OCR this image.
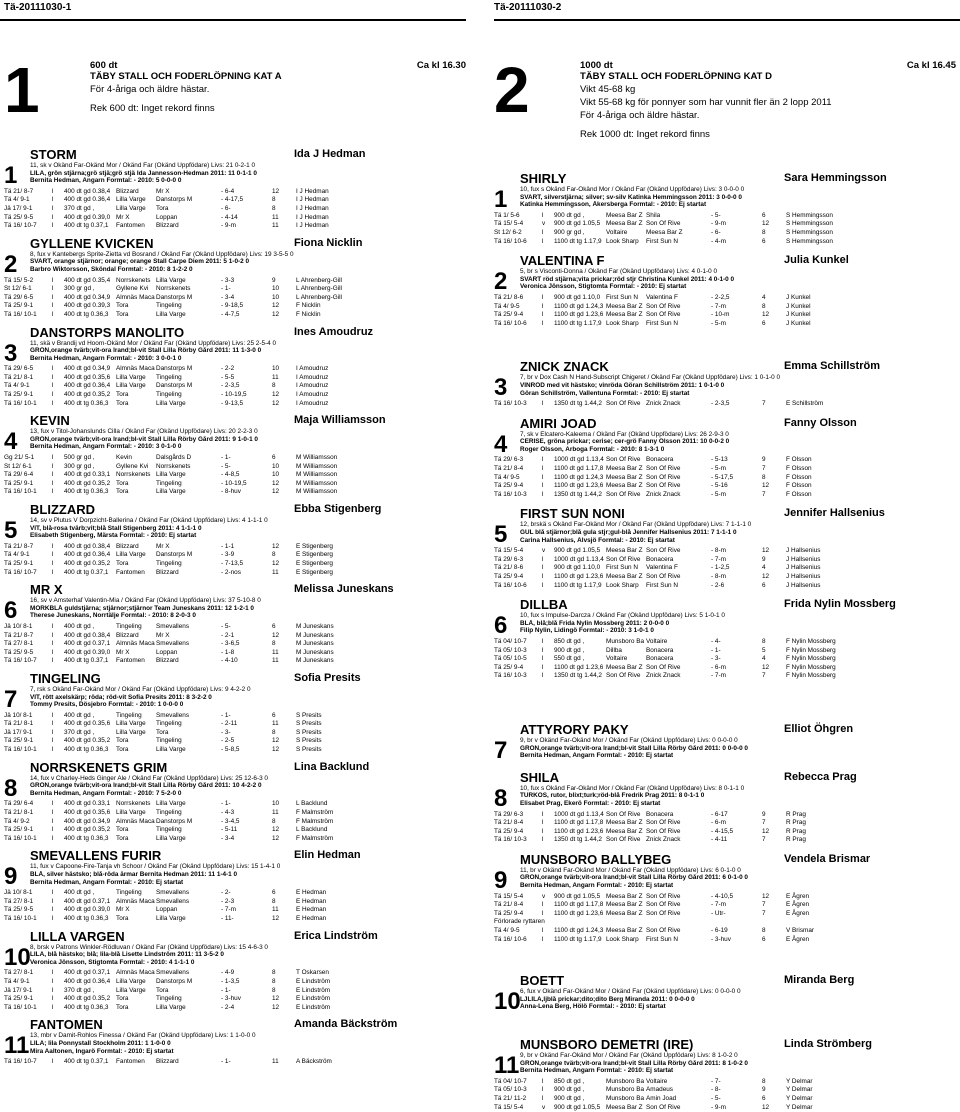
Tä-20111030-1	Tä-20111030-2
1	600 dt
TÄBY STALL OCH FODERLÖPNING KAT A
För 4-åriga och äldre hästar.
Rek 600 dt: Inget rekord finns
Ca kl 16.30
1
STORM	Ida J Hedman
11, sk v Okänd Far-Okänd Mor / Okänd Far (Okänd Uppfödare) Livs: 21 0-2-1 0
LILA, grön stjärna;grö stjä;grö stjä Ida Jannesson-Hedman 2011: 11 0-1-1 0
Bernita Hedman, Angarn Formtal: - 2010: 5 0-0-0 0
Tä 21/ 8-7	l 400 dt gd 0.38,4 Blizzard	Mr X	- 6-4	12	I J Hedman
Tä 4/ 9-1	l 400 dt gd 0.36,4 Lilla Varge Danstorps M	- 4-17,5	8	I J Hedman
Jä 17/ 9-1	l 370 dt gd ,	Lilla Varge Tora	- 6-	8	I J Hedman
Tä 25/ 9-5	l 400 dt gd 0.39,0 Mr X	Loppan	- 4-14	11	I J Hedman
Tä 16/ 10-7 l 400 dt tg 0.37,1 Fantomen Blizzard	- 9-m	11	I J Hedman
2
GYLLENE KVICKEN	Fiona Nicklin
8, fux v Kantebergs Sprite-Zietta vd Bosrand / Okänd Far (Okänd Uppfödare) Livs: 19 3-5-5 0
SVART, orange stjärnor; orange; orange Stall Carpe Diem 2011: 5 1-0-2 0
Barbro Wiktorsson, Sköndal Formtal: - 2010: 8 1-2-2 0
Tä 15/ 5-2	l 400 dt gd 0.35,4 Norrskenets Lilla Varge	- 3-3	9	L Ahrenberg-Gill
St 12/ 6-1	l 300 gr gd ,	Gyllene Kvi Norrskenets	- 1-	10	L Ahrenberg-Gill
Tä 29/ 6-5	l 400 dt gd 0.34,9 Almnäs Maca Danstorps M	- 3-4	10	L Ahrenberg-Gill
Tä 25/ 9-1	l 400 dt gd 0.39,3 Tora	Tingeling	- 9-18,5	12	F Nicklin
Tä 16/ 10-1 l 400 dt tg 0.36,3 Tora	Lilla Varge	- 4-7,5	12	F Nicklin
3
DANSTORPS MANOLITO	Ines Amoudruz
11, skä v Brandij vd Hoorn-Okänd Mor / Okänd Far (Okänd Uppfödare) Livs: 25 2-5-4 0
GRÖN,orange tvärb;vit-ora lrand;bl-vit Stall Lilla Rörby Gård 2011: 11 1-3-0 0
Bernita Hedman, Angarn Formtal: - 2010: 3 0-0-1 0
Tä 29/ 6-5	l 400 dt gd 0.34,9 Almnäs Maca Danstorps M	- 2-2	10	I Amoudruz
Tä 21/ 8-1	l 400 dt gd 0.35,6 Lilla Varge Tingeling	- 5-5	11	I Amoudruz
Tä 4/ 9-1	l 400 dt gd 0.36,4 Lilla Varge Danstorps M	- 2-3,5	8	I Amoudruz
Tä 25/ 9-1	l 400 dt gd 0.35,2 Tora	Tingeling	- 10-19,5	12	I Amoudruz
Tä 16/ 10-1 l 400 dt tg 0.36,3 Tora	Lilla Varge	- 9-13,5	12	I Amoudruz
4
KEVIN	Maja Williamsson
13, fux v Titol-Johanslunds Cilla / Okänd Far (Okänd Uppfödare) Livs: 20 2-2-3 0
GRÖN,orange tvärb;vit-ora lrand;bl-vit Stall Lilla Rörby Gård 2011: 9 1-0-1 0
Bernita Hedman, Angarn Formtal: - 2010: 3 0-1-0 0
Gg 21/ 5-1	l 500 gr gd ,	Kevin	Dalsgårds D	- 1-	6	M Williamsson
St 12/ 6-1	l 300 gr gd ,	Gyllene Kvi Norrskenets	- 5-	10	M Williamsson
Tä 29/ 6-4	l 400 dt gd 0.33,1 Norrskenets Lilla Varge	- 4-8,5	10	M Williamsson
Tä 25/ 9-1	l 400 dt gd 0.35,2 Tora	Tingeling	- 10-19,5	12	M Williamsson
Tä 16/ 10-1 l 400 dt tg 0.36,3 Tora	Lilla Varge	- 8-huv	12	M Williamsson
5
BLIZZARD	Ebba Stigenberg
14, sv v Plutus V Dorpzicht-Ballerina / Okänd Far (Okänd Uppfödare) Livs: 4 1-1-1 0
VIT, blå-rosa tvärb;vit;blå Stall Stigenberg 2011: 4 1-1-1 0
Elisabeth Stigenberg, Märsta Formtal: - 2010: Ej startat
Tä 21/ 8-7	l 400 dt gd 0.38,4 Blizzard	Mr X	- 1-1	12	E Stigenberg
Tä 4/ 9-1	l 400 dt gd 0.36,4 Lilla Varge Danstorps M	- 3-9	8	E Stigenberg
Tä 25/ 9-1	l 400 dt gd 0.35,2 Tora	Tingeling	- 7-13,5	12	E Stigenberg
Tä 16/ 10-7 l 400 dt tg 0.37,1 Fantomen Blizzard	- 2-nos	11	E Stigenberg
6
MR X	Melissa Juneskans
16, sv v Amsterhaf Valentin-Mia / Okänd Far (Okänd Uppfödare) Livs: 37 5-10-8 0
MÖRKBLÅ guldstjärna; stjärnor;stjärnor Team Juneskans 2011: 12 1-2-1 0
Therese Juneskans, Norrtälje Formtal: - 2010: 8 2-0-3 0
Jä 10/ 8-1	l 400 dt gd ,	Tingeling Smevallens	- 5-	6	M Juneskans
Tä 21/ 8-7	l 400 dt gd 0.38,4 Blizzard	Mr X	- 2-1	12	M Juneskans
Tä 27/ 8-1	l 400 dt gd 0.37,1 Almnäs Maca Smevallens	- 3-6,5	8	M Juneskans
Tä 25/ 9-5	l 400 dt gd 0.39,0 Mr X	Loppan	- 1-8	11	M Juneskans
Tä 16/ 10-7 l 400 dt tg 0.37,1 Fantomen Blizzard	- 4-10	11	M Juneskans
7
TINGELING	Sofia Presits
7, rsk s Okänd Far-Okänd Mor / Okänd Far (Okänd Uppfödare) Livs: 9 4-2-2 0
VIT, rött axelskärp; röda; röd-vit Sofia Presits 2011: 8 3-2-2 0
Tommy Presits, Dösjebro Formtal: - 2010: 1 0-0-0 0
Jä 10/ 8-1	l 400 dt gd ,	Tingeling Smevallens	- 1-	6	S Presits
Tä 21/ 8-1	l 400 dt gd 0.35,6 Lilla Varge Tingeling	- 2-11	11	S Presits
Jä 17/ 9-1	l 370 dt gd ,	Lilla Varge Tora	- 3-	8	S Presits
Tä 25/ 9-1	l 400 dt gd 0.35,2 Tora	Tingeling	- 2-5	12	S Presits
Tä 16/ 10-1 l 400 dt tg 0.36,3 Tora	Lilla Varge	- 5-8,5	12	S Presits
8
NORRSKENETS GRIM	Lina Backlund
14, fux v Charley-Heds Ginger Ale / Okänd Far (Okänd Uppfödare) Livs: 25 12-6-3 0
GRÖN,orange tvärb;vit-ora lrand;bl-vit Stall Lilla Rörby Gård 2011: 10 4-2-2 0
Bernita Hedman, Angarn Formtal: - 2010: 7 5-2-0 0
Tä 29/ 6-4	l 400 dt gd 0.33,1 Norrskenets Lilla Varge	- 1-	10	L Backlund
Tä 21/ 8-1	l 400 dt gd 0.35,6 Lilla Varge Tingeling	- 4-3	11	F Malmström
Tä 4/ 9-2	l 400 dt gd 0.34,9 Almnäs Maca Danstorps M	- 3-4,5	8	F Malmström
Tä 25/ 9-1	l 400 dt gd 0.35,2 Tora	Tingeling	- 5-11	12	L Backlund
Tä 16/ 10-1 l 400 dt tg 0.36,3 Tora	Lilla Varge	- 3-4	12	F Malmström
9
SMEVALLENS FURIR	Elin Hedman
11, fux v Capoone-Fire-Tanja vh Schoor / Okänd Far (Okänd Uppfödare) Livs: 15 1-4-1 0
BLÅ, silver hästsko; blå-röda ärmar Bernita Hedman 2011: 11 1-4-1 0
Bernita Hedman, Angarn Formtal: - 2010: Ej startat
Jä 10/ 8-1	l 400 dt gd ,	Tingeling Smevallens	- 2-	6	E Hedman
Tä 27/ 8-1	l 400 dt gd 0.37,1 Almnäs Maca Smevallens	- 2-3	8	E Hedman
Tä 25/ 9-5	l 400 dt gd 0.39,0 Mr X	Loppan	- 7-m	11	E Hedman
Tä 16/ 10-1 l 400 dt tg 0.36,3 Tora	Lilla Varge	- 11-	12	E Hedman
10
LILLA VARGEN	Erica Lindström
8, brsk v Patrons Winkler-Rödluvan / Okänd Far (Okänd Uppfödare) Livs: 15 4-6-3 0
LILA, blå hästsko; blå; lila-blå Lisette Lindström 2011: 11 3-5-2 0
Veronica Jönsson, Stigtomta Formtal: - 2010: 4 1-1-1 0
Tä 27/ 8-1	l 400 dt gd 0.37,1 Almnäs Maca Smevallens	- 4-9	8	T Oskarsen
Tä 4/ 9-1	l 400 dt gd 0.36,4 Lilla Varge Danstorps M	- 1-3,5	8	E Lindström
Jä 17/ 9-1	l 370 dt gd ,	Lilla Varge Tora	- 1-	8	E Lindström
Tä 25/ 9-1	l 400 dt gd 0.35,2 Tora	Tingeling	- 3-huv	12	E Lindström
Tä 16/ 10-1 l 400 dt tg 0.36,3 Tora	Lilla Varge	- 2-4	12	E Lindström
11
FANTOMEN	Amanda Bäckström
13, mbr v Damit-Rohlos Finessa / Okänd Far (Okänd Uppfödare) Livs: 1 1-0-0 0
LILA; lila Ponnystall Stockholm 2011: 1 1-0-0 0
Mira Aaltonen, Ingarö Formtal: - 2010: Ej startat
Tä 16/ 10-7 l 400 dt tg 0.37,1 Fantomen Blizzard	- 1-	11	A Bäckström
2	1000 dt
TÄBY STALL OCH FODERLÖPNING KAT D
Vikt 45-68 kg
Vikt 55-68 kg för ponnyer som har vunnit fler än 2 lopp 2011
För 4-åriga och äldre hästar.
Rek 1000 dt: Inget rekord finns
Ca kl 16.45
1
SHIRLY	Sara Hemmingsson
10, fux s Okänd Far-Okänd Mor / Okänd Far (Okänd Uppfödare) Livs: 3 0-0-0 0
SVART, silverstjärna; silver; sv-silv Katinka Hemmingsson 2011: 3 0-0-0 0
Katinka Hemmingsson, Åkersberga Formtal: - 2010: Ej startat
Tä 1/ 5-6	l 900 dt gd ,	Meesa Bar Z Shila	- 5-	6	S Hemmingsson
Tä 15/ 5-4	v 900 dt gd 1.05,5 Meesa Bar Z Son Of Rive	- 9-m	12	S Hemmingsson
St 12/ 6-2	l 900 gr gd ,	Voltaire	Meesa Bar Z	- 6-	8	S Hemmingsson
Tä 16/ 10-6 l 1100 dt tg 1.17,9 Look Sharp First Sun N	- 4-m	6	S Hemmingsson
2
VALENTINA F	Julia Kunkel
5, br s Visconti-Donna / Okänd Far (Okänd Uppfödare) Livs: 4 0-1-0 0
SVART röd stjärna;vita prickar;röd stjr Christina Kunkel 2011: 4 0-1-0 0
Veronica Jönsson, Stigtomta Formtal: - 2010: Ej startat
Tä 21/ 8-6	l 900 dt gd 1.10,0 First Sun N Valentina F	- 2-2,5	4	J Kunkel
Tä 4/ 9-5	l 1100 dt gd 1.24,3 Meesa Bar Z Son Of Rive	- 7-m	8	J Kunkel
Tä 25/ 9-4	l 1100 dt gd 1.23,6 Meesa Bar Z Son Of Rive	- 10-m	12	J Kunkel
Tä 16/ 10-6 l 1100 dt tg 1.17,9 Look Sharp First Sun N	- 5-m	6	J Kunkel
3
ZNICK ZNACK	Emma Schillström
7, br v Dox Cash N Hand-Subscript Chigeret / Okänd Far (Okänd Uppfödare) Livs: 1 0-1-0 0
VINRÖD med vit hästsko; vinröda Göran Schillström 2011: 1 0-1-0 0
Göran Schillström, Vallentuna Formtal: - 2010: Ej startat
Tä 16/ 10-3 l 1350 dt tg 1.44,2 Son Of Rive Znick Znack	- 2-3,5	7	E Schillström
4
AMIRI JOAD	Fanny Olsson
7, sk v Elcatero-Kaleema / Okänd Far (Okänd Uppfödare) Livs: 26 2-9-3 0
CERISE, gröna prickar; cerise; cer-grö Fanny Olsson 2011: 10 0-0-2 0
Roger Olsson, Arboga Formtal: - 2010: 8 1-3-1 0
Tä 29/ 6-3	l 1000 dt gd 1.13,4 Son Of Rive Bonacera	- 5-13	9	F Olsson
Tä 21/ 8-4	l 1100 dt gd 1.17,8 Meesa Bar Z Son Of Rive	- 5-m	7	F Olsson
Tä 4/ 9-5	l 1100 dt gd 1.24,3 Meesa Bar Z Son Of Rive	- 5-17,5	8	F Olsson
Tä 25/ 9-4	l 1100 dt gd 1.23,6 Meesa Bar Z Son Of Rive	- 5-16	12	F Olsson
Tä 16/ 10-3 l 1350 dt tg 1.44,2 Son Of Rive Znick Znack	- 5-m	7	F Olsson
5
FIRST SUN NONI	Jennifer Hallsenius
12, brskä s Okänd Far-Okänd Mor / Okänd Far (Okänd Uppfödare) Livs: 7 1-1-1 0
GUL blå stjärnor;blå gula stjr;gul-blå Jennifer Hallsenius 2011: 7 1-1-1 0
Carina Hallsenius, Älvsjö Formtal: - 2010: Ej startat
Tä 15/ 5-4	v 900 dt gd 1.05,5 Meesa Bar Z Son Of Rive	- 8-m	12	J Hallsenius
Tä 29/ 6-3	l 1000 dt gd 1.13,4 Son Of Rive Bonacera	- 7-m	9	J Hallsenius
Tä 21/ 8-6	l 900 dt gd 1.10,0 First Sun N Valentina F	- 1-2,5	4	J Hallsenius
Tä 25/ 9-4	l 1100 dt gd 1.23,6 Meesa Bar Z Son Of Rive	- 8-m	12	J Hallsenius
Tä 16/ 10-6 l 1100 dt tg 1.17,9 Look Sharp First Sun N	- 2-6	6	J Hallsenius
6
DILLBA	Frida Nylin Mossberg
10, fux s Impulse-Darcza / Okänd Far (Okänd Uppfödare) Livs: 5 1-0-1 0
BLÅ, blå;blå Frida Nylin Mossberg 2011: 2 0-0-0 0
Filip Nylin, Lidingö Formtal: - 2010: 3 1-0-1 0
Tä 04/ 10-7 l 850 dt gd ,	Munsboro Ba Voltaire	- 4-	8	F Nylin Mossberg
Tä 05/ 10-3 l 900 dt gd ,	Dillba	Bonacera	- 1-	5	F Nylin Mossberg
Tä 05/ 10-5 l 550 dt gd ,	Voltaire	Bonacera	- 3-	4	F Nylin Mossberg
Tä 25/ 9-4	l 1100 dt gd 1.23,6 Meesa Bar Z Son Of Rive	- 6-m	12	F Nylin Mossberg
Tä 16/ 10-3 l 1350 dt tg 1.44,2 Son Of Rive Znick Znack	- 7-m	7	F Nylin Mossberg
7
ATTYRORY PAKY	Elliot Öhgren
9, br v Okänd Far-Okänd Mor / Okänd Far (Okänd Uppfödare) Livs: 0 0-0-0 0
GRÖN,orange tvärb;vit-ora lrand;bl-vit Stall Lilla Rörby Gård 2011: 0 0-0-0 0
Bernita Hedman, Angarn Formtal: - 2010: Ej startat
8
SHILA	Rebecca Prag
10, fux s Okänd Far-Okänd Mor / Okänd Far (Okänd Uppfödare) Livs: 8 0-1-1 0
TURKOS, rutor, blixt;turk;röd-blå Fredrik Prag 2011: 8 0-1-1 0
Elisabet Prag, Ekerö Formtal: - 2010: Ej startat
Tä 29/ 6-3	l 1000 dt gd 1.13,4 Son Of Rive Bonacera	- 6-17	9	R Prag
Tä 21/ 8-4	l 1100 dt gd 1.17,8 Meesa Bar Z Son Of Rive	- 6-m	7	R Prag
Tä 25/ 9-4	l 1100 dt gd 1.23,6 Meesa Bar Z Son Of Rive	- 4-15,5	12	R Prag
Tä 16/ 10-3 l 1350 dt tg 1.44,2 Son Of Rive Znick Znack	- 4-11	7	R Prag
9
MUNSBORO BALLYBEG	Vendela Brismar
11, br v Okänd Far-Okänd Mor / Okänd Far (Okänd Uppfödare) Livs: 6 0-1-0 0
GRÖN,orange tvärb;vit-ora lrand;bl-vit Stall Lilla Rörby Gård 2011: 6 0-1-0 0
Bernita Hedman, Angarn Formtal: - 2010: Ej startat
Tä 15/ 5-4	v 900 dt gd 1.05,5 Meesa Bar Z Son Of Rive	- 4-10,5	12	E Ågren
Tä 21/ 8-4	l 1100 dt gd 1.17,8 Meesa Bar Z Son Of Rive	- 7-m	7	E Ågren
Tä 25/ 9-4	l 1100 dt gd 1.23,6 Meesa Bar Z Son Of Rive	- Utr-	7	E Ågren
Förlorade ryttaren
Tä 4/ 9-5	l 1100 dt gd 1.24,3 Meesa Bar Z Son Of Rive	- 6-19	8	V Brismar
Tä 16/ 10-6 l 1100 dt tg 1.17,9 Look Sharp First Sun N	- 3-huv	6	E Ågren
10
BOETT	Miranda Berg
6, fux v Okänd Far-Okänd Mor / Okänd Far (Okänd Uppfödare) Livs: 0 0-0-0 0
LJLILA,ljblå prickar;dito;dito Berg Miranda 2011: 0 0-0-0 0
Anna-Lena Berg, Hölö Formtal: - 2010: Ej startat
11
MUNSBORO DEMETRI (IRE)	Linda Strömberg
9, br v Okänd Far-Okänd Mor / Okänd Far (Okänd Uppfödare) Livs: 8 1-0-2 0
GRÖN,orange tvärb;vit-ora lrand;bl-vit Stall Lilla Rörby Gård 2011: 8 1-0-2 0
Bernita Hedman, Angarn Formtal: - 2010: Ej startat
Tä 04/ 10-7 l 850 dt gd ,	Munsboro Ba Voltaire	- 7-	8	Y Delmar
Tä 05/ 10-3 l 900 dt gd ,	Munsboro Ba Amadeus	- 8-	9	Y Delmar
Tä 21/ 11-2 l 900 dt gd ,	Munsboro Ba Amin Joad	- 5-	6	Y Delmar
Tä 15/ 5-4	v 900 dt gd 1.05,5 Meesa Bar Z Son Of Rive	- 9-m	12	Y Delmar
